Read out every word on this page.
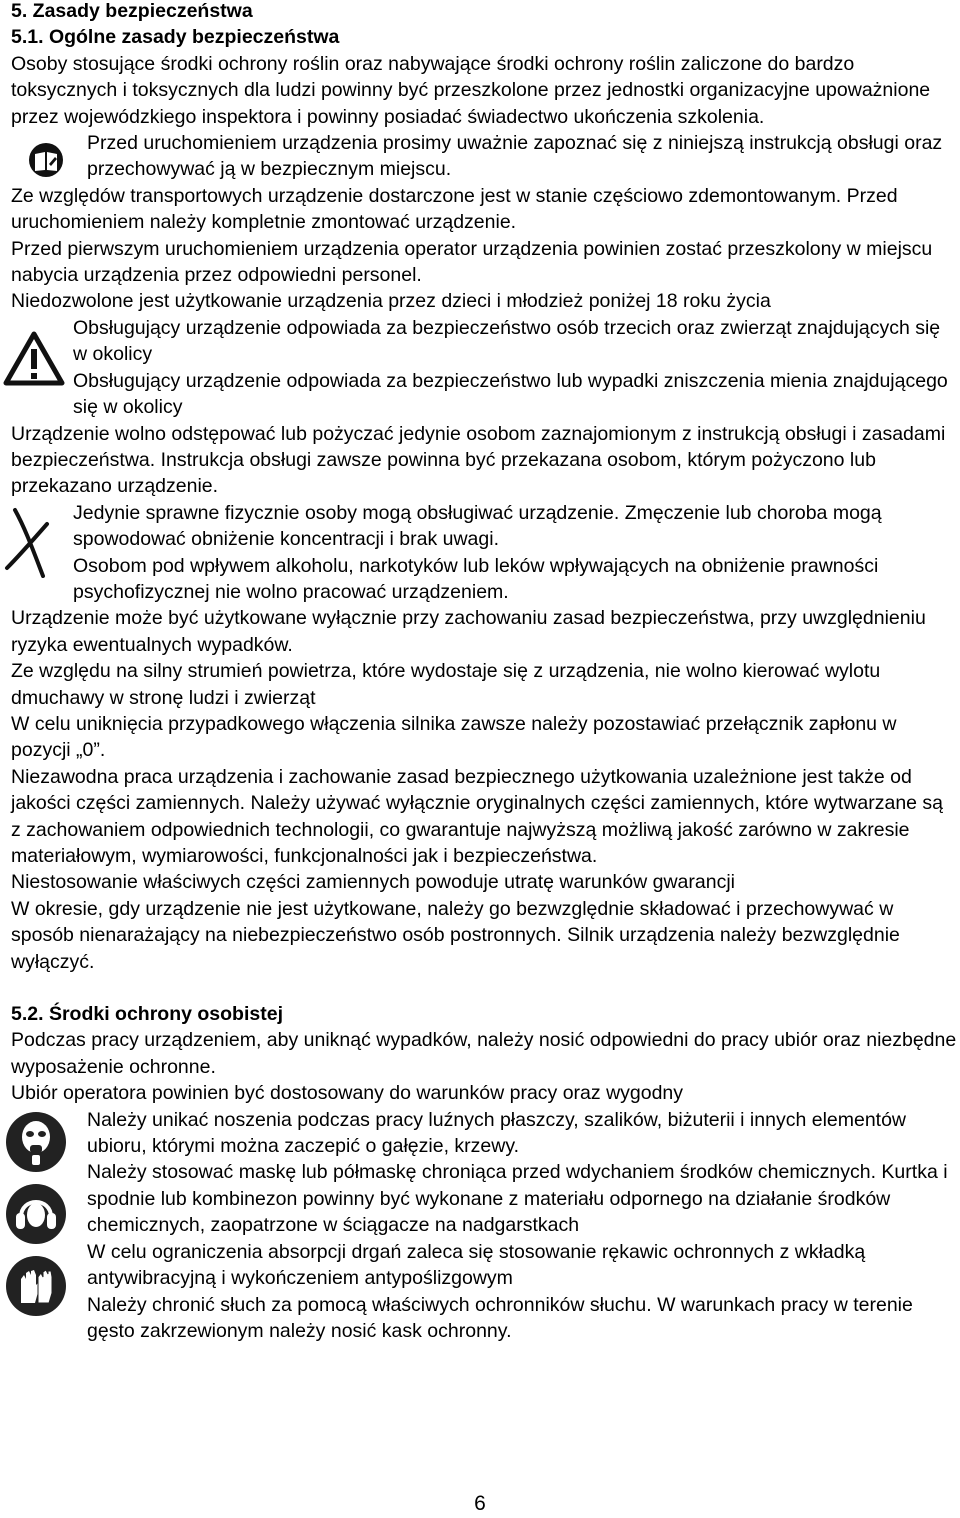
5. Zasady bezpieczeństwa
5.1. Ogólne zasady bezpieczeństwa

Osoby stosujące środki ochrony roślin oraz nabywające środki ochrony roślin zaliczone do bardzo toksycznych i toksycznych dla ludzi powinny być przeszkolone przez jednostki organizacyjne upoważnione przez wojewódzkiego inspektora i powinny posiadać świadectwo ukończenia szkolenia.

Przed uruchomieniem urządzenia prosimy uważnie zapoznać się z niniejszą instrukcją obsługi oraz przechowywać ją w bezpiecznym miejscu.

Ze względów transportowych urządzenie dostarczone jest w stanie częściowo zdemontowanym. Przed uruchomieniem należy kompletnie zmontować urządzenie.

Przed pierwszym uruchomieniem urządzenia operator urządzenia powinien zostać przeszkolony w miejscu nabycia urządzenia przez odpowiedni personel.

Niedozwolone jest użytkowanie urządzenia przez dzieci i młodzież poniżej 18 roku życia

Obsługujący urządzenie odpowiada za bezpieczeństwo osób trzecich oraz zwierząt znajdujących się w okolicy

Obsługujący urządzenie odpowiada za bezpieczeństwo lub wypadki zniszczenia mienia znajdującego się w okolicy

Urządzenie wolno odstępować lub pożyczać jedynie osobom zaznajomionym z instrukcją obsługi i zasadami bezpieczeństwa. Instrukcja obsługi zawsze powinna być przekazana osobom, którym pożyczono lub przekazano urządzenie.

Jedynie sprawne fizycznie osoby mogą obsługiwać urządzenie. Zmęczenie lub choroba mogą spowodować obniżenie koncentracji i brak uwagi.

Osobom pod wpływem alkoholu, narkotyków lub leków wpływających na obniżenie prawności psychofizycznej nie wolno pracować urządzeniem.

Urządzenie może być użytkowane wyłącznie przy zachowaniu zasad bezpieczeństwa, przy uwzględnieniu ryzyka ewentualnych wypadków.

Ze względu na silny strumień powietrza, które wydostaje się z urządzenia, nie wolno kierować wylotu dmuchawy w stronę ludzi i zwierząt

W celu uniknięcia przypadkowego włączenia silnika zawsze należy pozostawiać przełącznik zapłonu w pozycji „0”.

Niezawodna praca urządzenia i zachowanie zasad bezpiecznego użytkowania uzależnione jest także od jakości części zamiennych. Należy używać wyłącznie oryginalnych części zamiennych, które wytwarzane są z zachowaniem odpowiednich technologii, co gwarantuje najwyższą możliwą jakość zarówno w zakresie materiałowym, wymiarowości, funkcjonalności jak i bezpieczeństwa.

Niestosowanie właściwych części zamiennych powoduje utratę warunków gwarancji

W okresie, gdy urządzenie nie jest użytkowane, należy go bezwzględnie składować i przechowywać w sposób nienarażający na niebezpieczeństwo osób postronnych. Silnik urządzenia należy bezwzględnie wyłączyć.

5.2. Środki ochrony osobistej

Podczas pracy urządzeniem, aby uniknąć wypadków, należy nosić odpowiedni do pracy ubiór oraz niezbędne wyposażenie ochronne.

Ubiór operatora powinien być dostosowany do warunków pracy oraz wygodny

Należy unikać noszenia podczas pracy luźnych płaszczy, szalików, biżuterii i innych elementów ubioru, którymi można zaczepić o gałęzie, krzewy.

Należy stosować maskę lub półmaskę chroniąca przed wdychaniem środków chemicznych. Kurtka i spodnie lub kombinezon powinny być wykonane z materiału odpornego na działanie środków chemicznych, zaopatrzone w ściągacze na nadgarstkach

W celu ograniczenia absorpcji drgań zaleca się stosowanie rękawic ochronnych z wkładką antywibracyjną i wykończeniem antypoślizgowym

Należy chronić słuch za pomocą właściwych ochronników słuchu. W warunkach pracy w terenie gęsto zakrzewionym należy nosić kask ochronny.

6
